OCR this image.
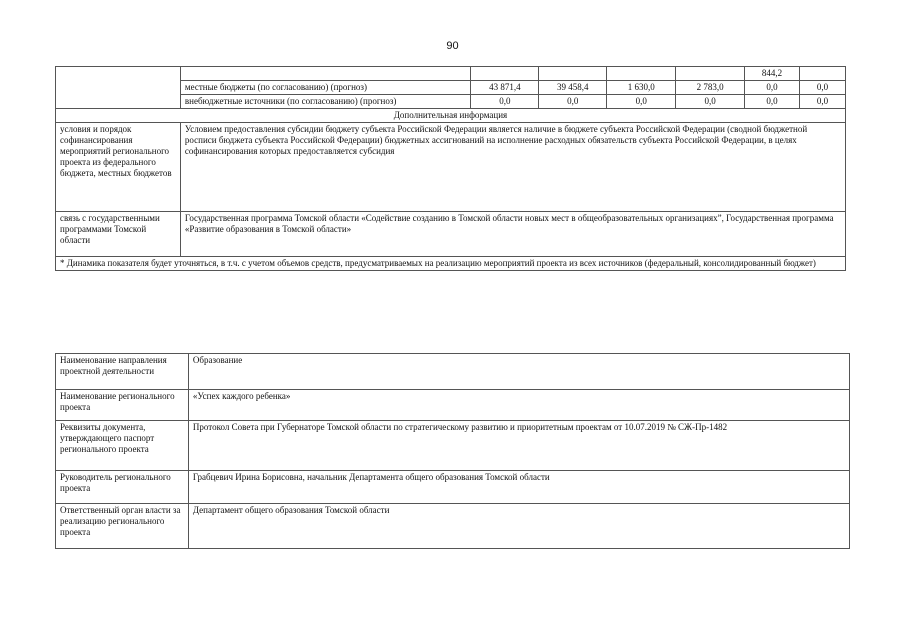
90
						844,2	
	местные бюджеты (по согласованию) (прогноз)	43 871,4	39 458,4	1 630,0	2 783,0	0,0	0,0
	внебюджетные источники (по согласованию) (прогноз)	0,0	0,0	0,0	0,0	0,0	0,0
Дополнительная информация							
условия и порядок софинансирования мероприятий регионального проекта из федерального бюджета, местных бюджетов	Условием предоставления субсидии бюджету субъекта Российской Федерации является наличие в бюджете субъекта Российской Федерации (сводной бюджетной росписи бюджета субъекта Российской Федерации) бюджетных ассигнований на исполнение расходных обязательств субъекта Российской Федерации, в целях софинансирования которых предоставляется субсидия						
связь с государственными программами Томской области	Государственная программа Томской области «Содействие созданию в Томской области новых мест в общеобразовательных организациях”, Государственная программа «Развитие образования в Томской области»						
* Динамика показателя будет уточняться, в т.ч. с учетом объемов средств, предусматриваемых на реализацию мероприятий проекта из всех источников (федеральный, консолидированный бюджет)							
Наименование направления проектной деятельности	Образование
Наименование регионального проекта	«Успех каждого ребенка»
Реквизиты документа, утверждающего паспорт регионального проекта	Протокол Совета при Губернаторе Томской области по стратегическому развитию и приоритетным проектам от 10.07.2019 № СЖ-Пр-1482
Руководитель регионального проекта	Грабцевич Ирина Борисовна, начальник Департамента общего образования Томской области
Ответственный орган власти за реализацию регионального проекта	Департамент общего образования Томской области
